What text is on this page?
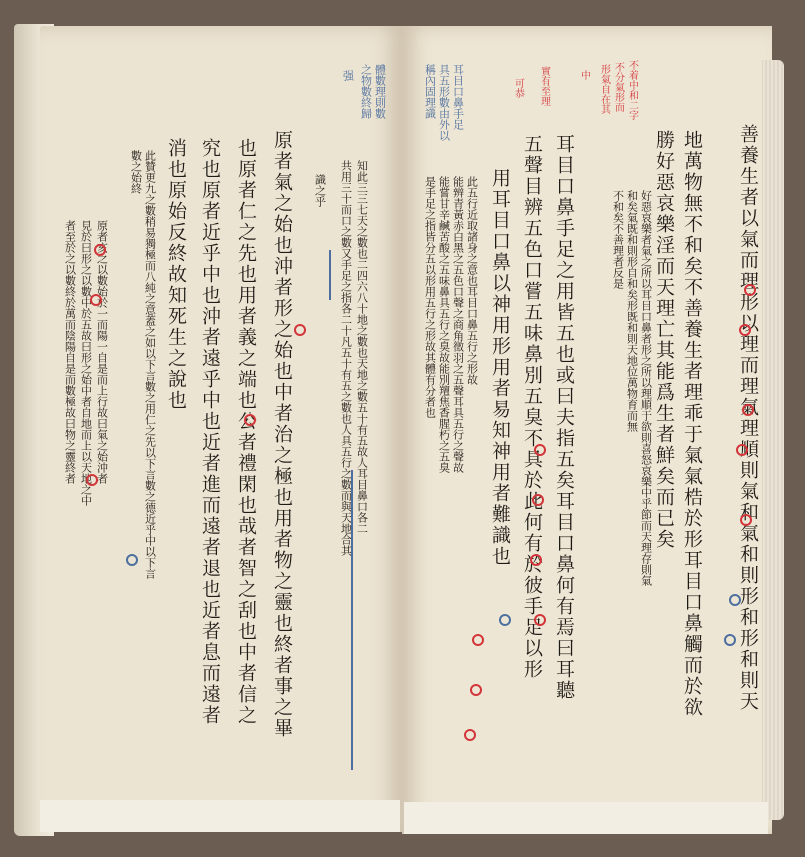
善養生者以氣而理形以理而理氣理順則氣和氣和則形和形和則天
地萬物無不和矣不善養生者理乖于氣氣梏於形耳目口鼻觸而於欲
勝好惡哀樂淫而天理亡其能爲生者鮮矣而已矣
耳目口鼻手足之用皆五也或曰夫指五矣耳目口鼻何有焉曰耳聽
五聲目辨五色口嘗五味鼻別五臭不具於此何有於彼手足以形
用耳目口鼻以神用形用者易知神用者難識也	好惡哀樂者氣之所以耳目口鼻者形之所以理順于欲則喜怒哀樂中乎節而天理存則氣
和矣氣既和則形自和矣形既和則天地位萬物育而無
不和矣不善理者反是
此五行近取諸身之意也耳目口鼻五行之形故
能辨青黃赤白黑之五色口聲之商角徵羽之五聲耳具五行之聲故
能嘗甘辛鹹苦酸之五味鼻具五行之臭故能別羶焦香腥朽之五臭
是手足之指皆分五以形用五行之形故其體有分者也
不着中和二字
不分氣形而
形氣自在其
中
實有至理
可恭
耳目口鼻手足
具五形數由外以
稱內固理識
原者氣之始也沖者形之始也中者治之極也用者物之靈也終者事之畢
也原者仁之先也用者義之端也公者禮閑也哉者智之刮也中者信之
究也原者近乎中也沖者遠乎中也近者進而遠者退也近者息而遠者
消也原始反終故知死生之說也	知此三三七天之數也二四六八十地之數也天地之數五十有五故人耳目鼻口各二
共用三十而口之數又手足之指各二十凡五十有五之數也人具五行之數而與天地合其
識之乎
此贊更九之數稍易獨極而八純之意蓋之如以下言數之用仁之先以下言數之德近乎中以下言
數之始終
原者亥之以數始於一而陽一自是而上行故曰氣之始沖者
見於曰形之以數中於五故曰形之始中者自地而上以天地之中
者至於之以數終於萬而陰陽自是而數極故曰物之靈終者
體數理則數
之物數終歸
强
